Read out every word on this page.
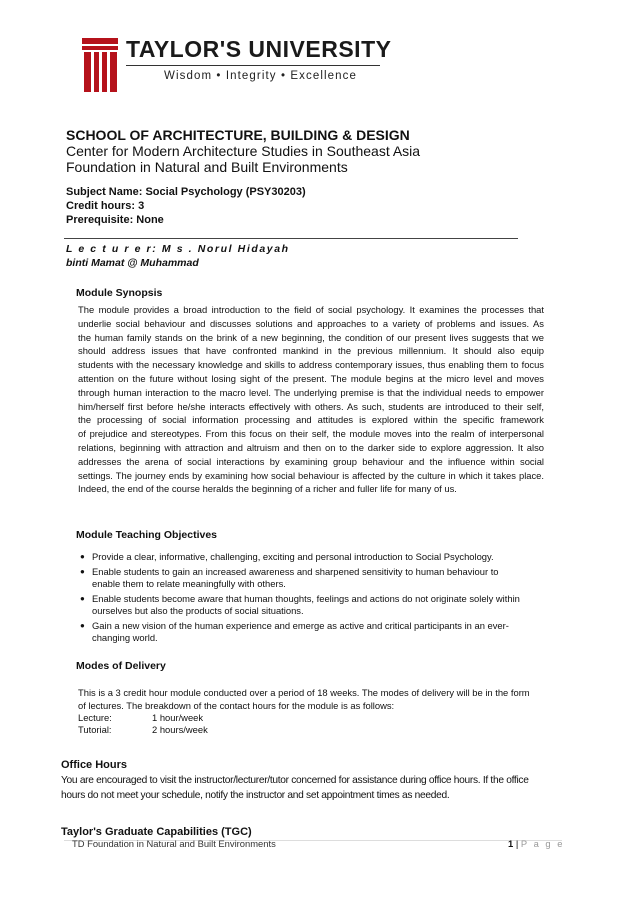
TAYLOR'S UNIVERSITY
Wisdom • Integrity • Excellence
SCHOOL OF ARCHITECTURE, BUILDING & DESIGN
Center for Modern Architecture Studies in Southeast Asia
Foundation in Natural and Built Environments
Subject Name: Social Psychology (PSY30203)
Credit hours: 3
Prerequisite: None
L e c t u r e r: M s . Norul Hidayah
binti Mamat @ Muhammad
Module Synopsis
The module provides a broad introduction to the field of social psychology. It examines the processes that
underlie social behaviour and discusses solutions and approaches to a variety of problems and issues. As
the human family stands on the brink of a new beginning, the condition of our present lives suggests that we
should address issues that have confronted mankind in the previous millennium. It should also equip
students with the necessary knowledge and skills to address contemporary issues, thus enabling them to focus
attention on the future without losing sight of the present. The module begins at the micro level and moves
through human interaction to the macro level. The underlying premise is that the individual needs to empower
him/herself first before he/she interacts effectively with others. As such, students are introduced to their self,
the processing of social information processing and attitudes is explored within the specific framework
of prejudice and stereotypes. From this focus on their self, the module moves into the realm of interpersonal
relations, beginning with attraction and altruism and then on to the darker side to explore aggression. It also
addresses the arena of social interactions by examining group behaviour and the influence within social
settings. The journey ends by examining how social behaviour is affected by the culture in which it takes place.
Indeed, the end of the course heralds the beginning of a richer and fuller life for many of us.
Module Teaching Objectives
● Provide a clear, informative, challenging, exciting and personal introduction to Social Psychology.
● Enable students to gain an increased awareness and sharpened sensitivity to human behaviour to
enable them to relate meaningfully with others.
● Enable students become aware that human thoughts, feelings and actions do not originate solely within
ourselves but also the products of social situations.
● Gain a new vision of the human experience and emerge as active and critical participants in an ever-
changing world.
Modes of Delivery
This is a 3 credit hour module conducted over a period of 18 weeks. The modes of delivery will be in the form
of lectures. The breakdown of the contact hours for the module is as follows:
Lecture:	1 hour/week
Tutorial:	2 hours/week
Office Hours
You are encouraged to visit the instructor/lecturer/tutor concerned for assistance during office hours. If the office
hours do not meet your schedule, notify the instructor and set appointment times as needed.
Taylor's Graduate Capabilities (TGC)
TD Foundation in Natural and Built Environments	1 | P a g e
